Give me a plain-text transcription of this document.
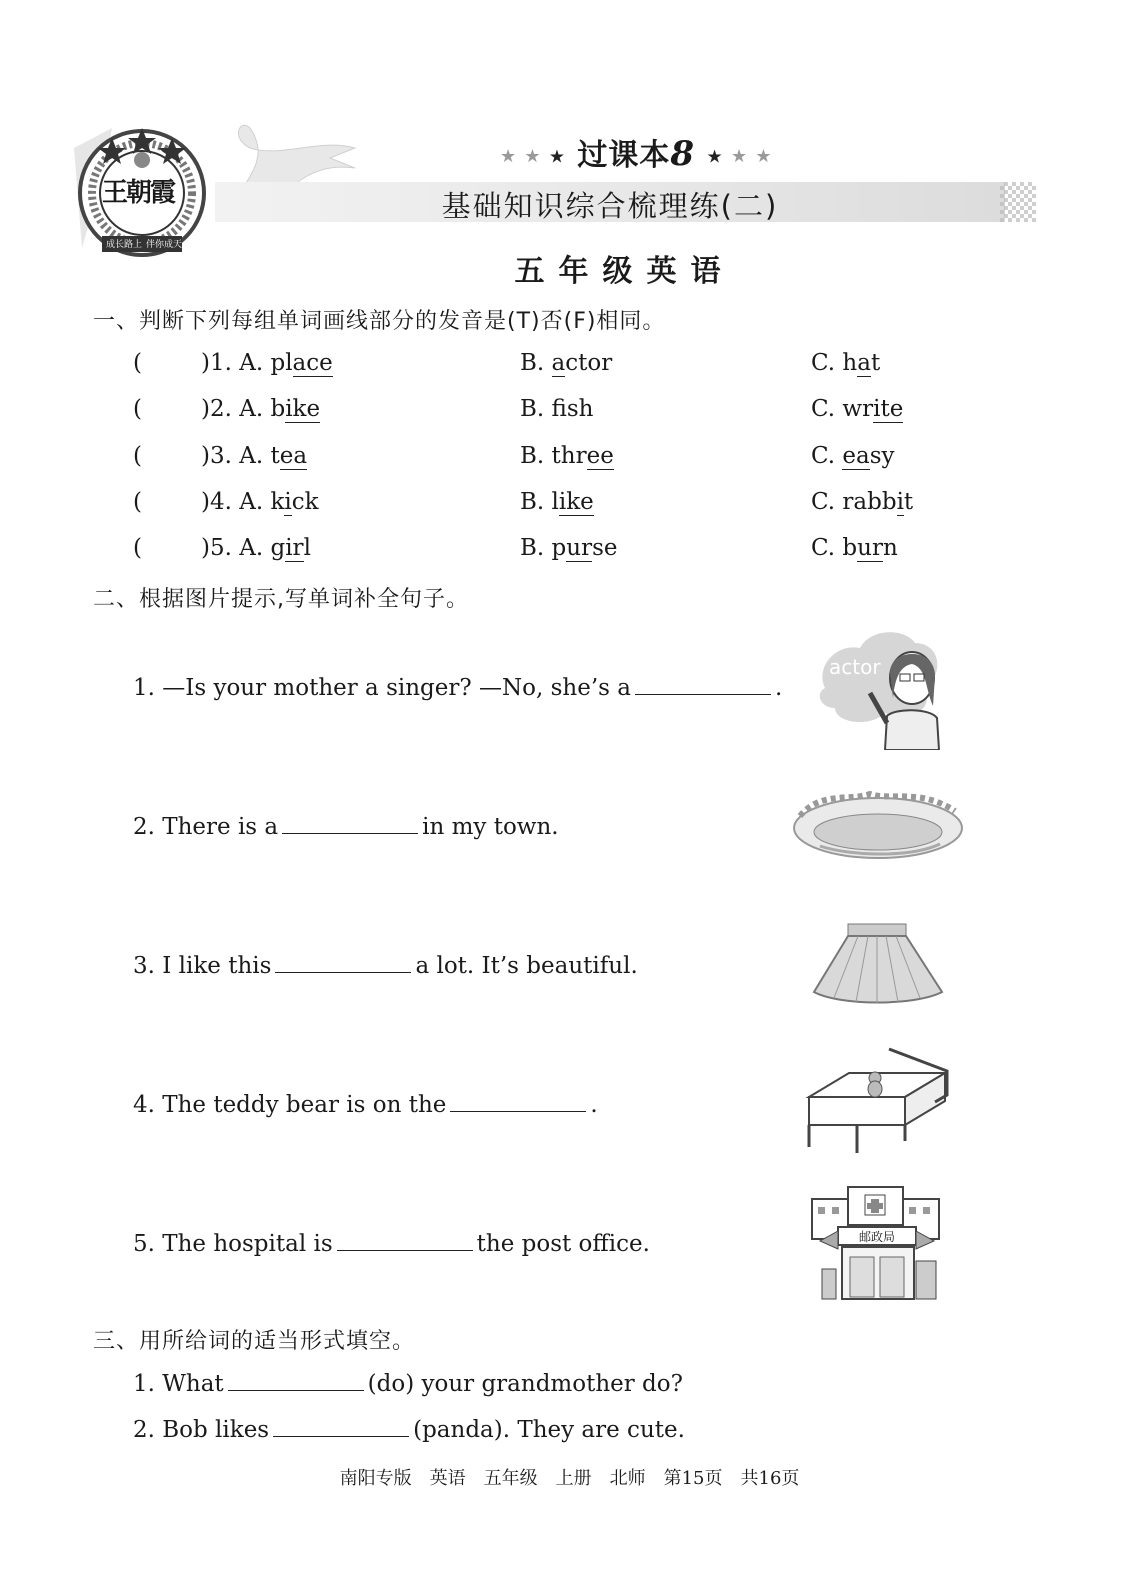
王朝霞
成长路上 伴你成天
★ ★ ★ 过课本8 ★ ★ ★
基础知识综合梳理练(二)
五年级英语
一、判断下列每组单词画线部分的发音是(T)否(F)相同。
(	)1. A. place	B. actor	C. hat
(	)2. A. bike	B. fsh	C. write
(	)3. A. tea	B. three	C. easy
(	)4. A. kick	B. like	C. rabbit
(	)5. A. girl	B. purse	C. burn
二、根据图片提示,写单词补全句子。
1. —Is your mother a singer? —No, she’s a	.
2. There is a	in my town.
3. I like this	a lot. It’s beautiful.
4. The teddy bear is on the	.
5. The hospital is	the post office.
actor
邮政局
三、用所给词的适当形式填空。
1. What	(do) your grandmother do?
2. Bob likes	(panda). They are cute.
南阳专版　英语　五年级　上册　北师　第15页　共16页
